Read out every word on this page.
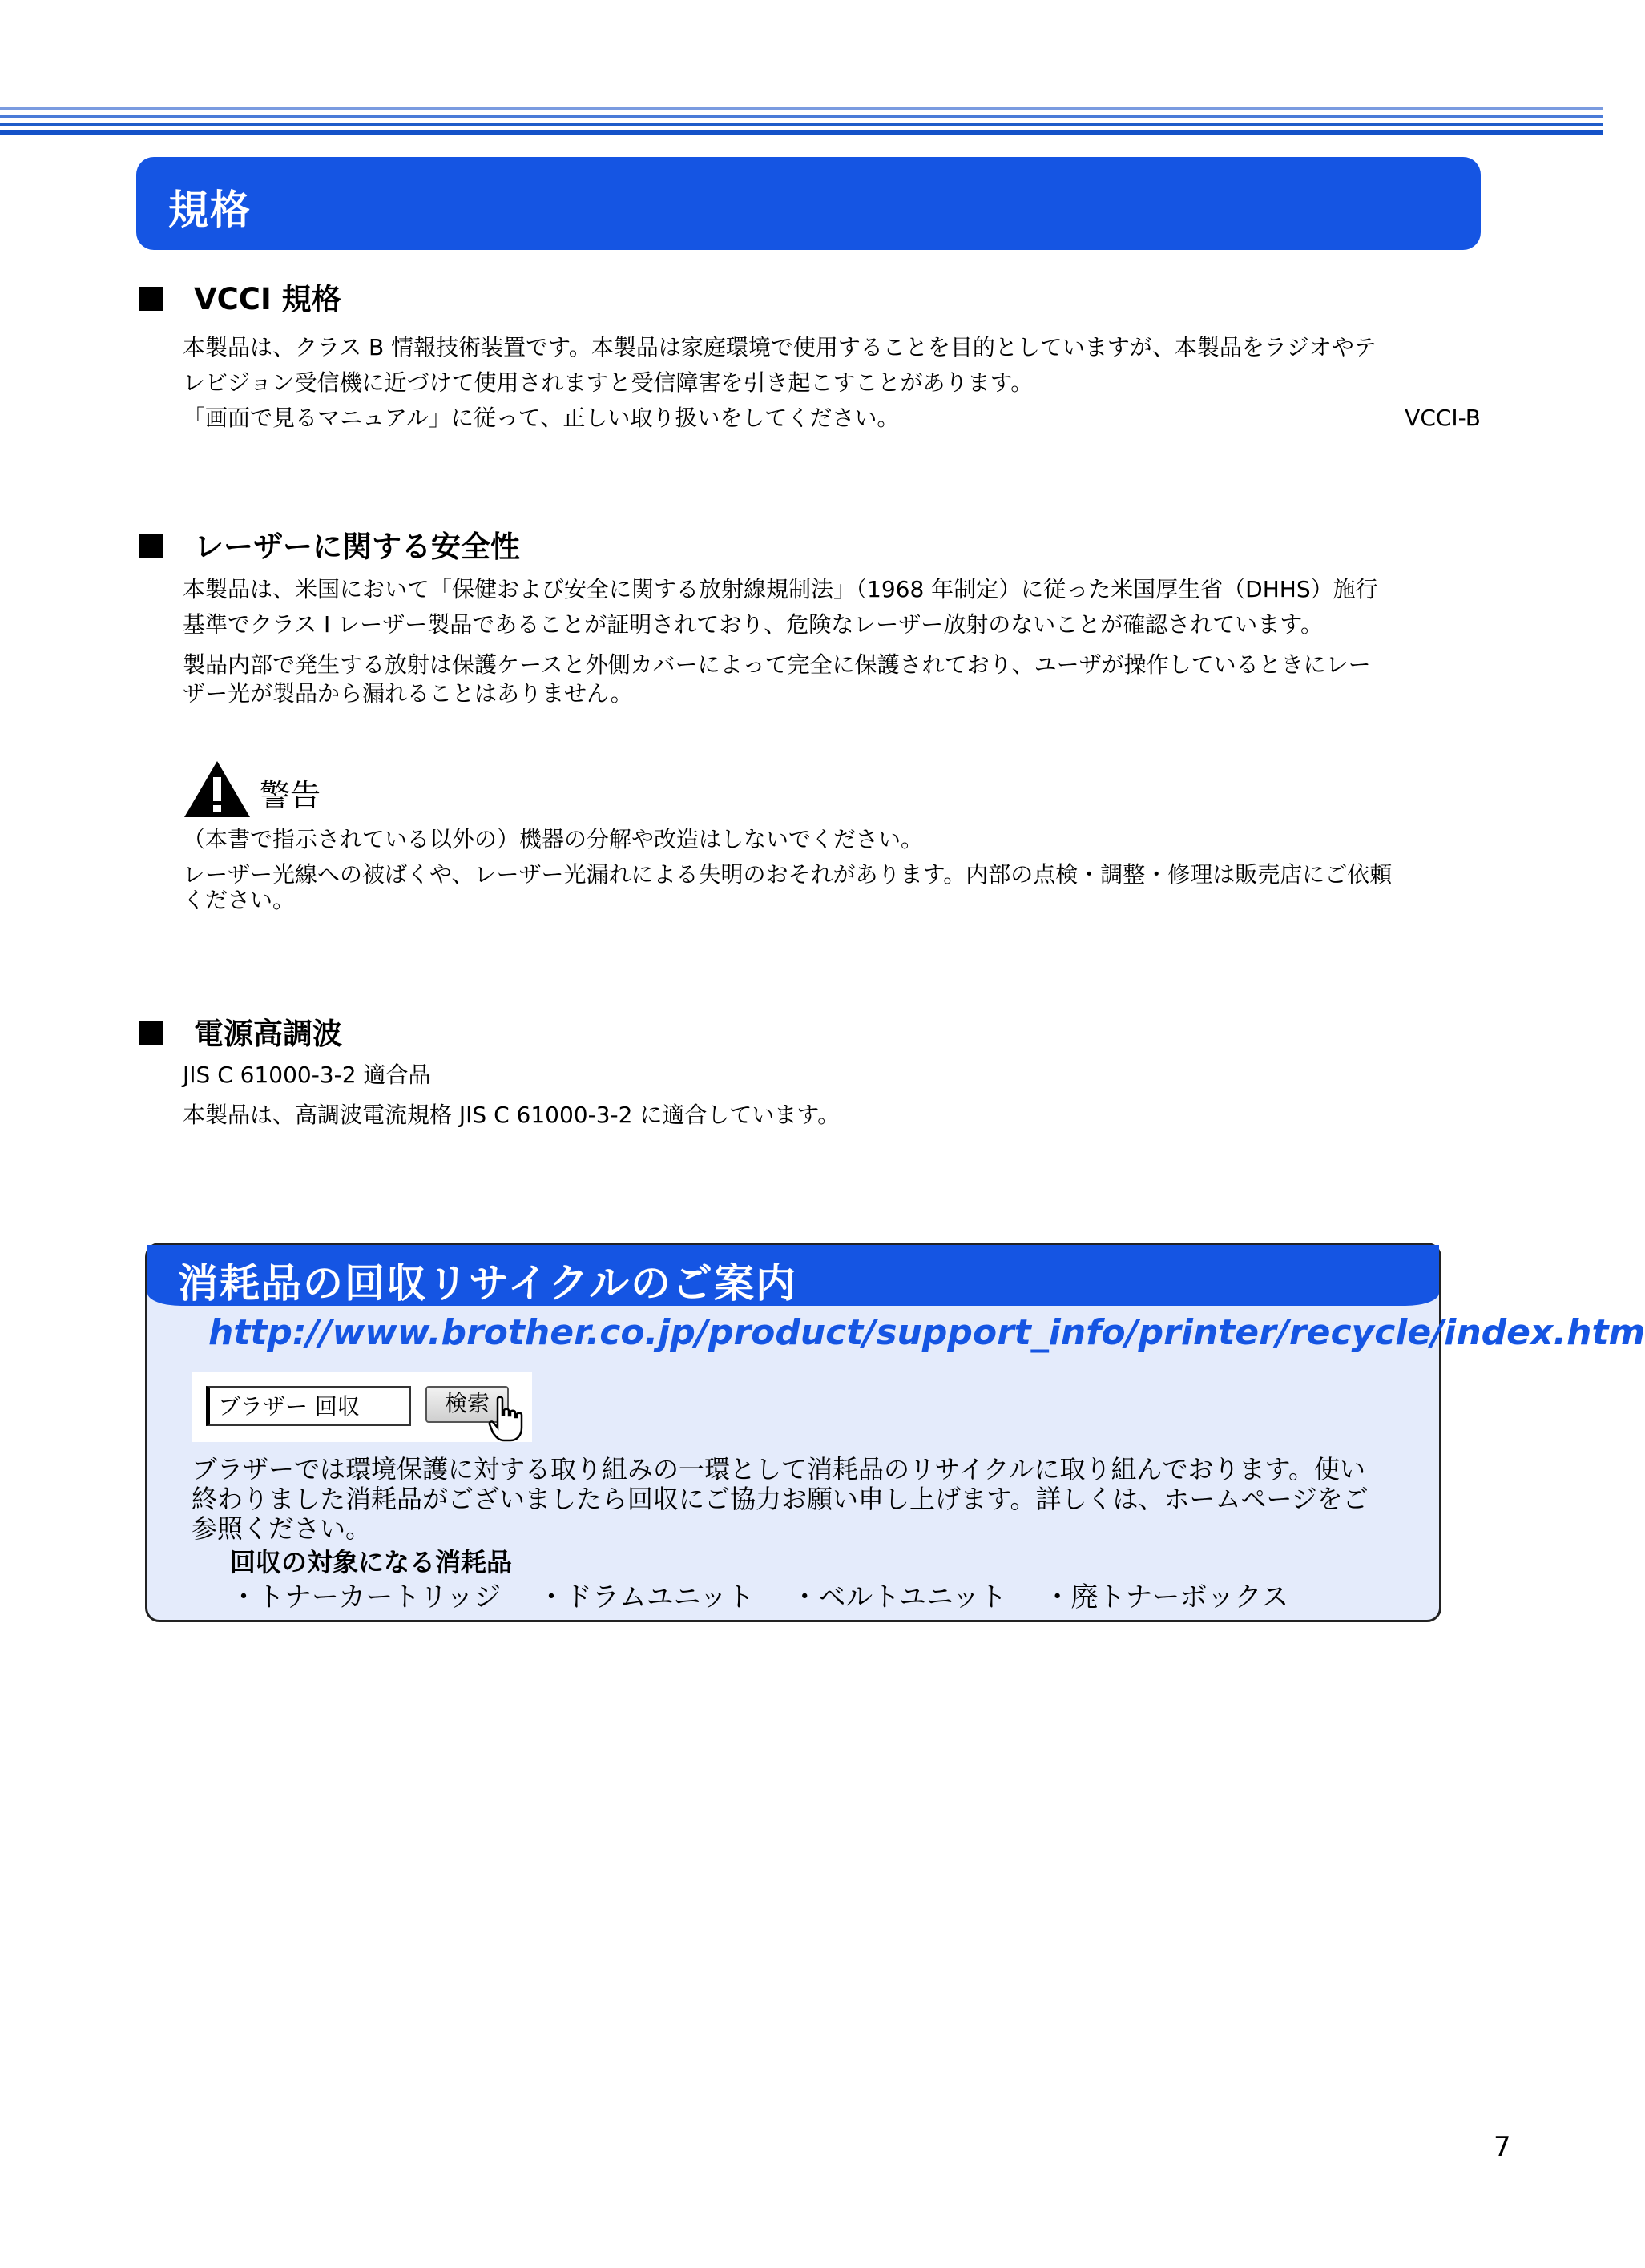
規格
VCCI 規格

本製品は、クラス B 情報技術装置です。本製品は家庭環境で使用することを目的としていますが、本製品をラジオやテ

レビジョン受信機に近づけて使用されますと受信障害を引き起こすことがあります。

「画面で見るマニュアル」に従って、正しい取り扱いをしてください。	VCCI-B

レーザーに関する安全性

本製品は、米国において「保健および安全に関する放射線規制法」（1968 年制定）に従った米国厚生省（DHHS）施行

基準でクラス I レーザー製品であることが証明されており、危険なレーザー放射のないことが確認されています。

製品内部で発生する放射は保護ケースと外側カバーによって完全に保護されており、ユーザが操作しているときにレー

ザー光が製品から漏れることはありません。

警告

（本書で指示されている以外の）機器の分解や改造はしないでください。

レーザー光線への被ばくや、レーザー光漏れによる失明のおそれがあります。内部の点検・調整・修理は販売店にご依頼

ください。

電源高調波

JIS C 61000-3-2 適合品

本製品は、高調波電流規格 JIS C 61000-3-2 に適合しています。

消耗品の回収リサイクルのご案内
http://www.brother.co.jp/product/support_info/printer/recycle/index.htm
ブラザー 回収	検索

ブラザーでは環境保護に対する取り組みの一環として消耗品のリサイクルに取り組んでおります。使い

終わりました消耗品がございましたら回収にご協力お願い申し上げます。詳しくは、ホームページをご

参照ください。

回収の対象になる消耗品
・トナーカートリッジ ・ドラムユニット ・ベルトユニット ・廃トナーボックス
7
